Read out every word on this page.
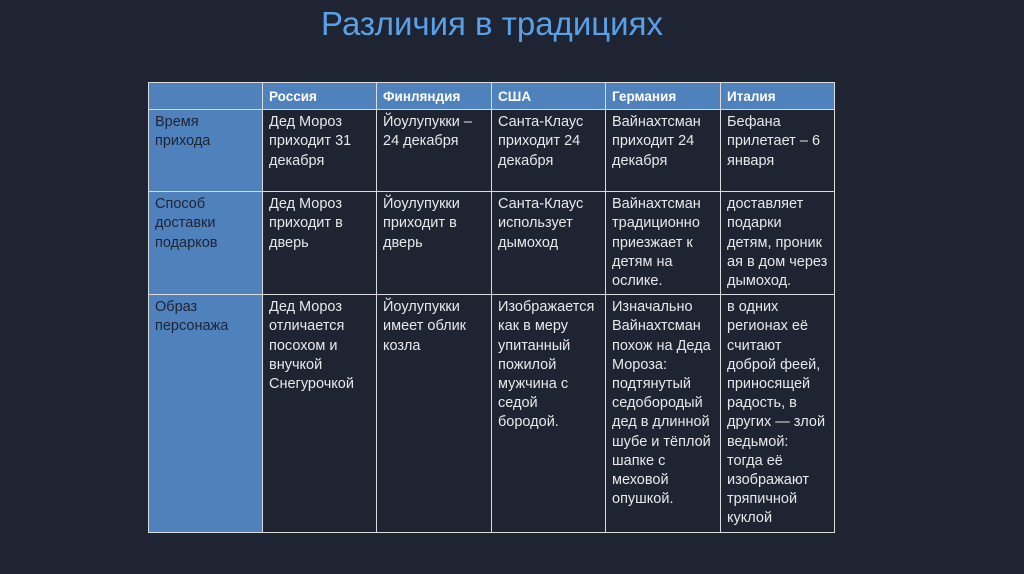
Различия в традициях
	Россия	Финляндия	США	Германия	Италия
Время прихода	Дед Мороз приходит 31 декабря	Йоулупукки – 24 декабря	Санта-Клаус приходит 24 декабря	Вайнахтсман приходит 24 декабря	Бефана прилетает – 6 января
Способ доставки подарков	Дед Мороз приходит в дверь	Йоулупукки приходит в дверь	Санта-Клаус использует дымоход	Вайнахтсман традиционно приезжает к детям на ослике.	доставляет подарки детям, проник ая в дом через дымоход.
Образ персонажа	Дед Мороз отличается посохом и внучкой Снегурочкой	Йоулупукки имеет облик козла	Изображается как в меру упитанный пожилой мужчина с седой бородой.	Изначально Вайнахтсман похож на Деда Мороза: подтянутый седобородый дед в длинной шубе и тёплой шапке с меховой опушкой.	в одних регионах её считают доброй феей, приносящей радость, в других — злой ведьмой: тогда её изображают тряпичной куклой
